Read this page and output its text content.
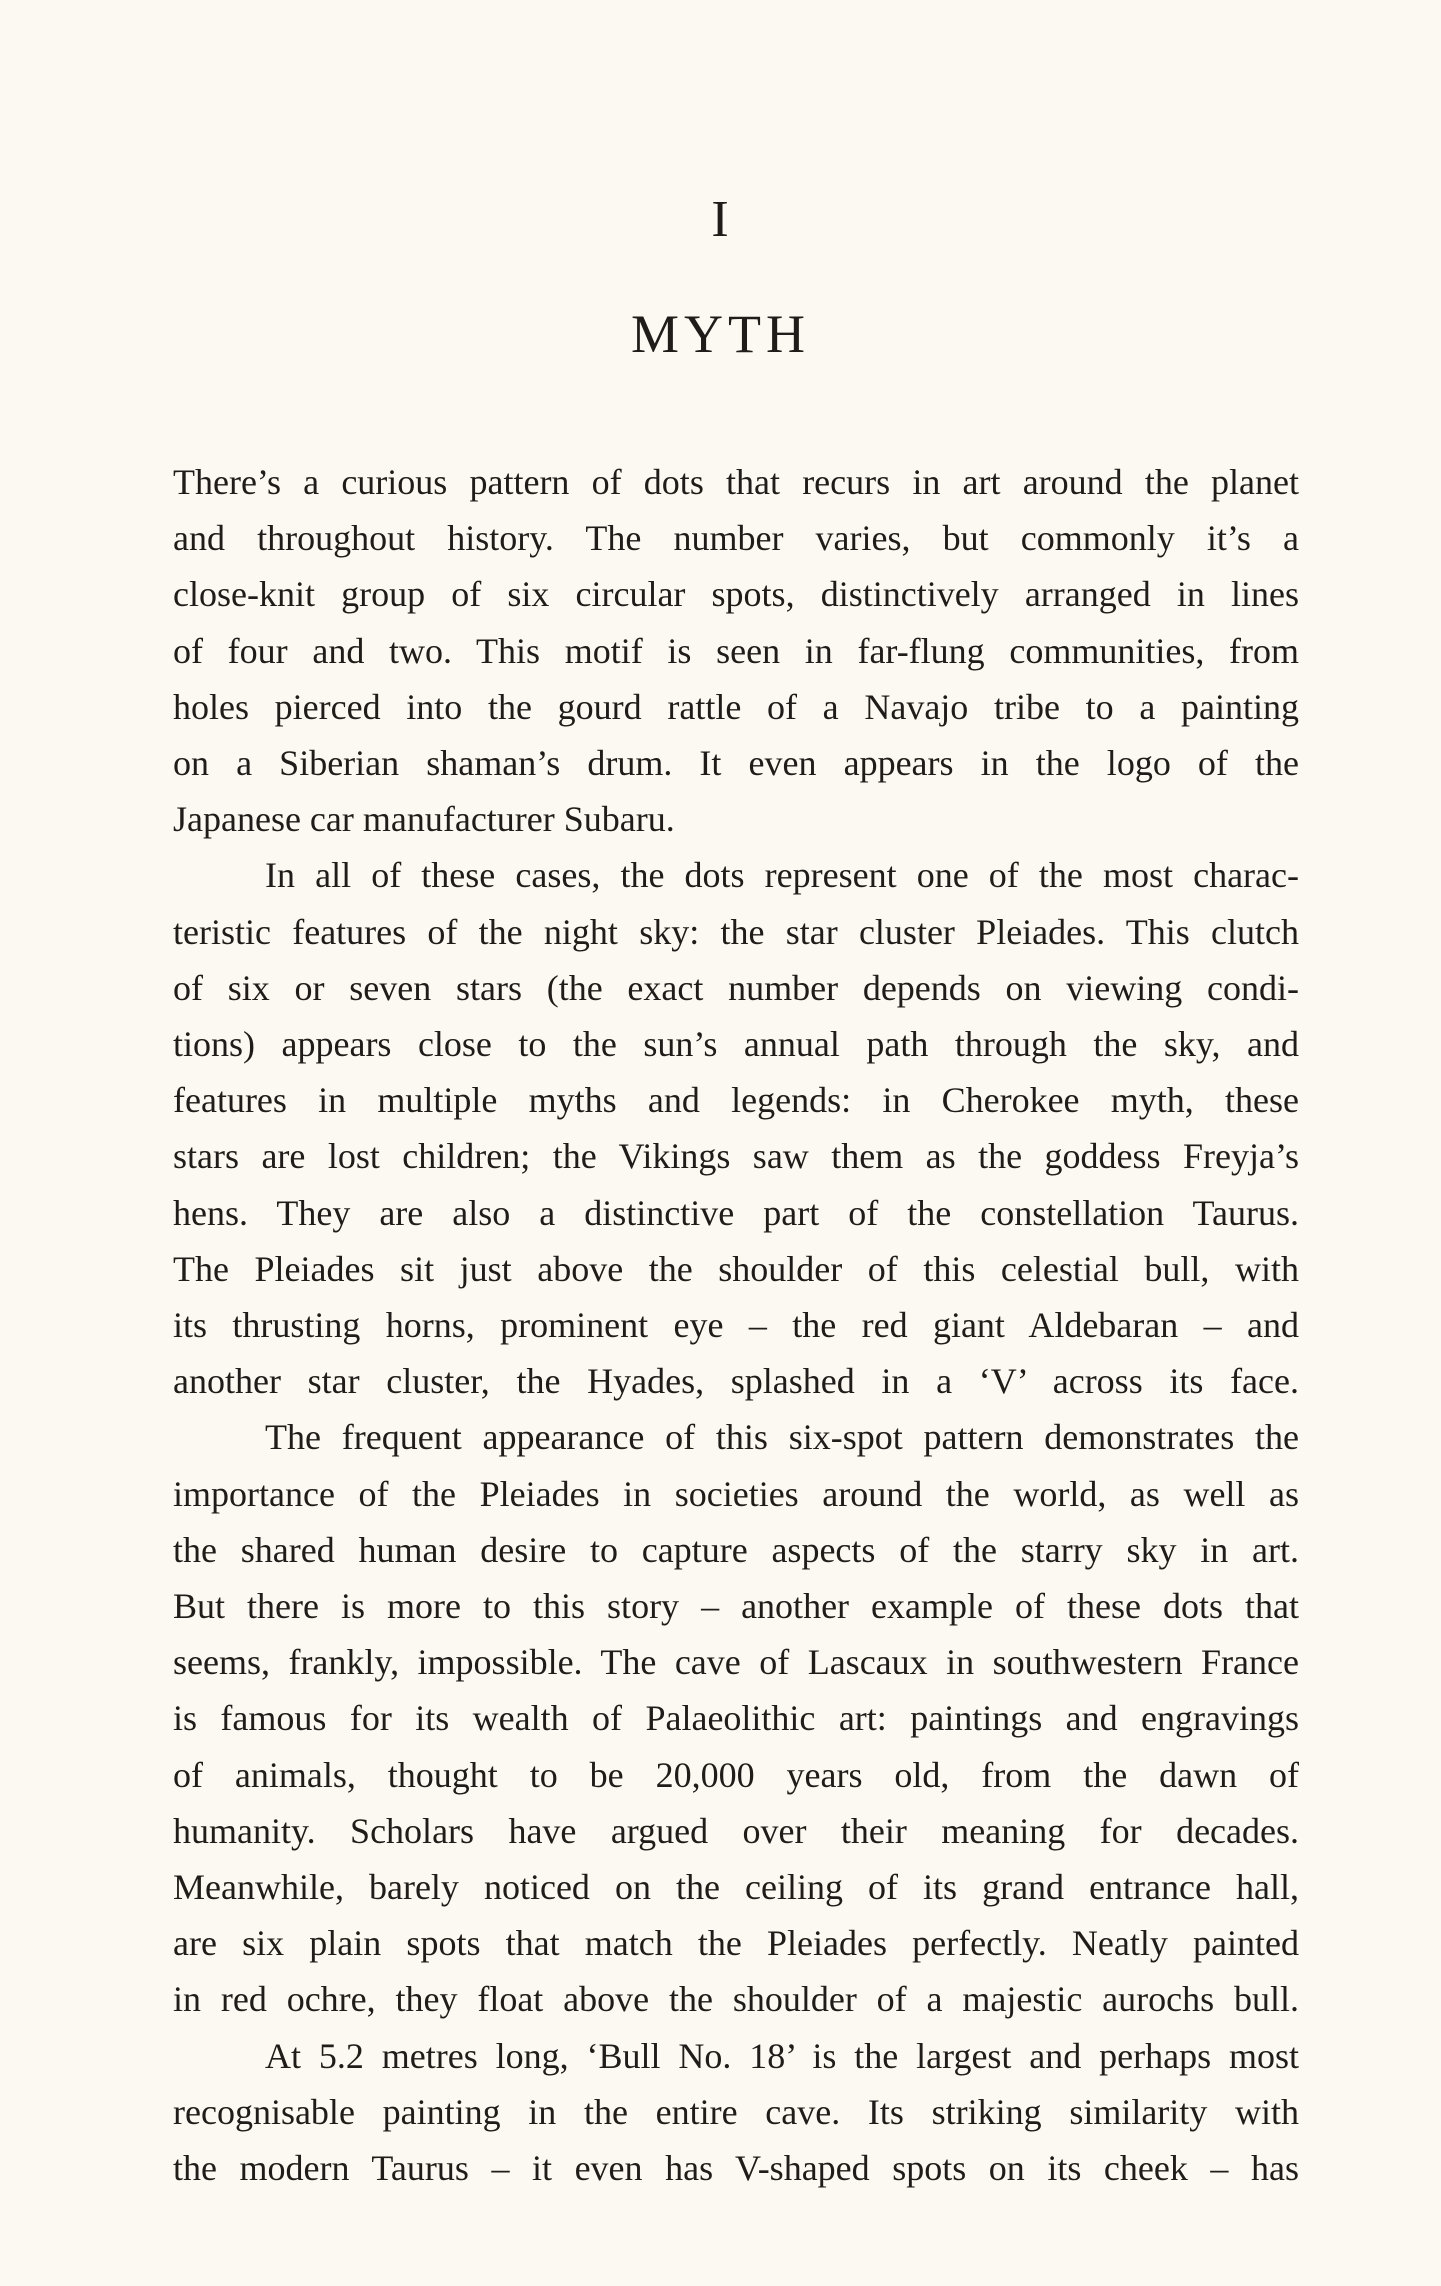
I
MYTH
There’s a curious pattern of dots that recurs in art around the planet
and throughout history. The number varies, but commonly it’s a
close-knit group of six circular spots, distinctively arranged in lines
of four and two. This motif is seen in far-flung communities, from
holes pierced into the gourd rattle of a Navajo tribe to a painting
on a Siberian shaman’s drum. It even appears in the logo of the
Japanese car manufacturer Subaru.
In all of these cases, the dots represent one of the most charac-
teristic features of the night sky: the star cluster Pleiades. This clutch
of six or seven stars (the exact number depends on viewing condi-
tions) appears close to the sun’s annual path through the sky, and
features in multiple myths and legends: in Cherokee myth, these
stars are lost children; the Vikings saw them as the goddess Freyja’s
hens. They are also a distinctive part of the constellation Taurus.
The Pleiades sit just above the shoulder of this celestial bull, with
its thrusting horns, prominent eye – the red giant Aldebaran – and
another star cluster, the Hyades, splashed in a ‘V’ across its face.
The frequent appearance of this six-spot pattern demonstrates the
importance of the Pleiades in societies around the world, as well as
the shared human desire to capture aspects of the starry sky in art.
But there is more to this story – another example of these dots that
seems, frankly, impossible. The cave of Lascaux in southwestern France
is famous for its wealth of Palaeolithic art: paintings and engravings
of animals, thought to be 20,000 years old, from the dawn of
humanity. Scholars have argued over their meaning for decades.
Meanwhile, barely noticed on the ceiling of its grand entrance hall,
are six plain spots that match the Pleiades perfectly. Neatly painted
in red ochre, they float above the shoulder of a majestic aurochs bull.
At 5.2 metres long, ‘Bull No. 18’ is the largest and perhaps most
recognisable painting in the entire cave. Its striking similarity with
the modern Taurus – it even has V-shaped spots on its cheek – has
